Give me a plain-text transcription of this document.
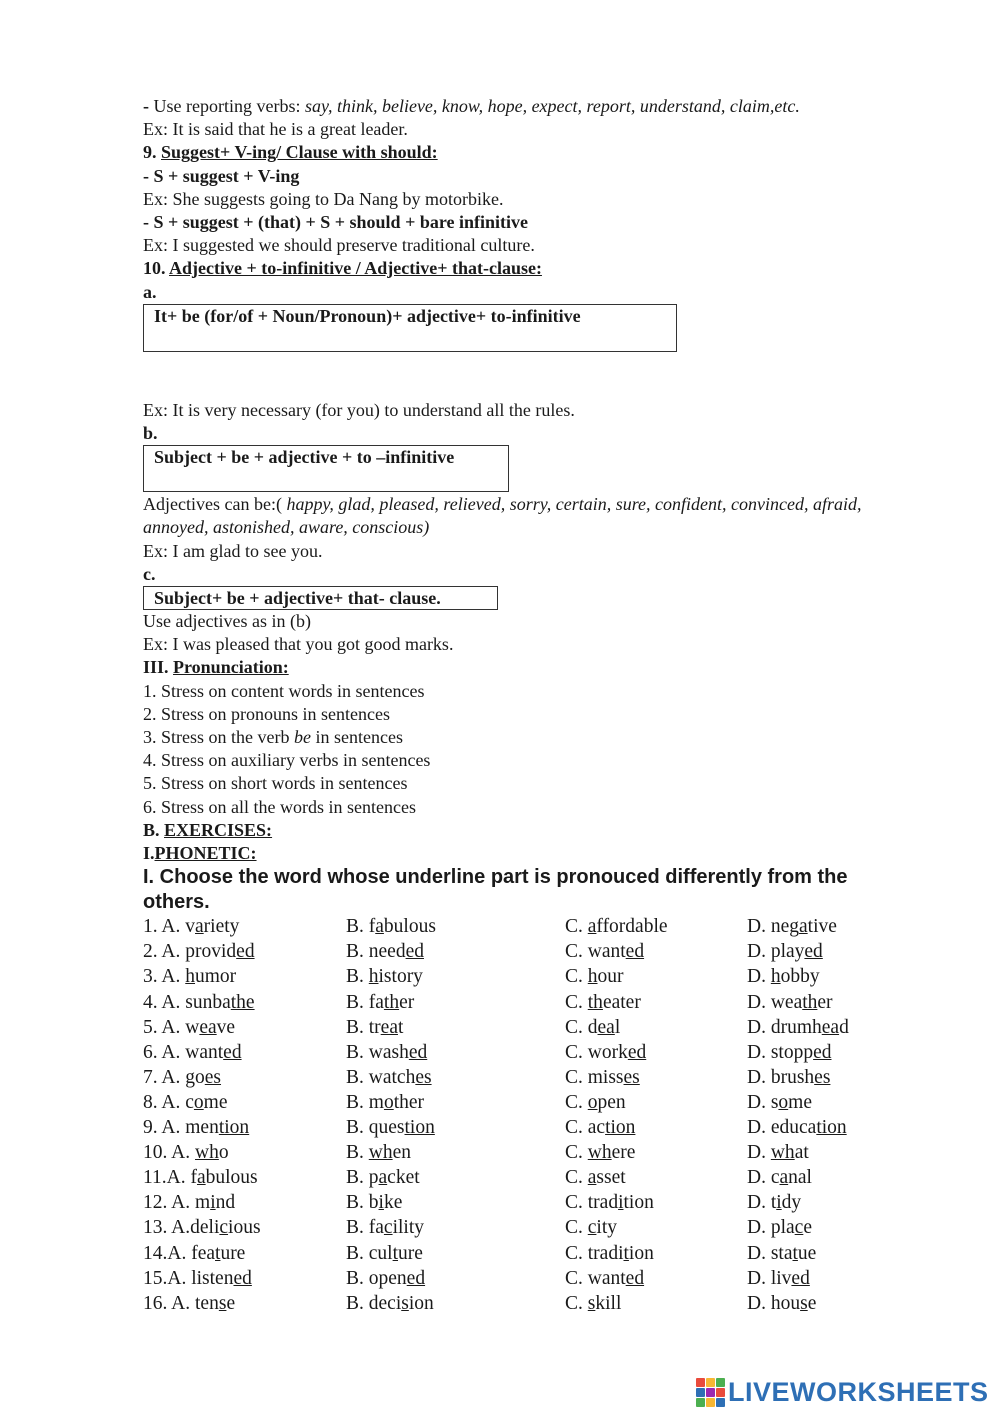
- Use reporting verbs: say, think, believe, know, hope, expect, report, understand, claim,etc.
Ex: It is said that he is a great leader.
9. Suggest+ V-ing/ Clause with should:
- S + suggest + V-ing
Ex: She suggests going to Da Nang by motorbike.
- S + suggest + (that) + S + should + bare infinitive
Ex: I suggested we should preserve traditional culture.
10. Adjective + to-infinitive / Adjective+ that-clause:
a.
It+ be (for/of + Noun/Pronoun)+ adjective+ to-infinitive
Ex: It is very necessary (for you) to understand all the rules.
b.
Subject + be + adjective + to –infinitive
Adjectives can be:( happy, glad, pleased, relieved, sorry, certain, sure, confident, convinced, afraid, annoyed, astonished, aware, conscious)
Ex: I am glad to see you.
c.
Subject+ be + adjective+ that- clause.
Use adjectives as in (b)
Ex: I was pleased that you got good marks.
III. Pronunciation:
1. Stress on content words in sentences
2. Stress on pronouns in sentences
3. Stress on the verb be in sentences
4. Stress on auxiliary verbs in sentences
5. Stress on short words in sentences
6. Stress on all the words in sentences
B. EXERCISES:
I.PHONETIC:
I. Choose the word whose underline part is pronouced differently from the others.
1. A. variety	B. fabulous	C. affordable	D. negative
2. A. provided	B. needed	C. wanted	D. played
3. A. humor	B. history	C. hour	D. hobby
4. A. sunbathe	B. father	C. theater	D. weather
5. A. weave	B. treat	C. deal	D. drumhead
6. A. wanted	B. washed	C. worked	D. stopped
7. A. goes	B. watches	C. misses	D. brushes
8. A. come	B. mother	C. open	D. some
9. A. mention	B. question	C. action	D. education
10. A. who	B. when	C. where	D. what
11.A. fabulous	B. packet	C. asset	D. canal
12. A. mind	B. bike	C. tradition	D. tidy
13. A.delicious	B. facility	C. city	D. place
14.A. feature	B. culture	C. tradition	D. statue
15.A. listened	B. opened	C. wanted	D. lived
16. A. tense	B. decision	C. skill	D. house
LIVEWORKSHEETS
